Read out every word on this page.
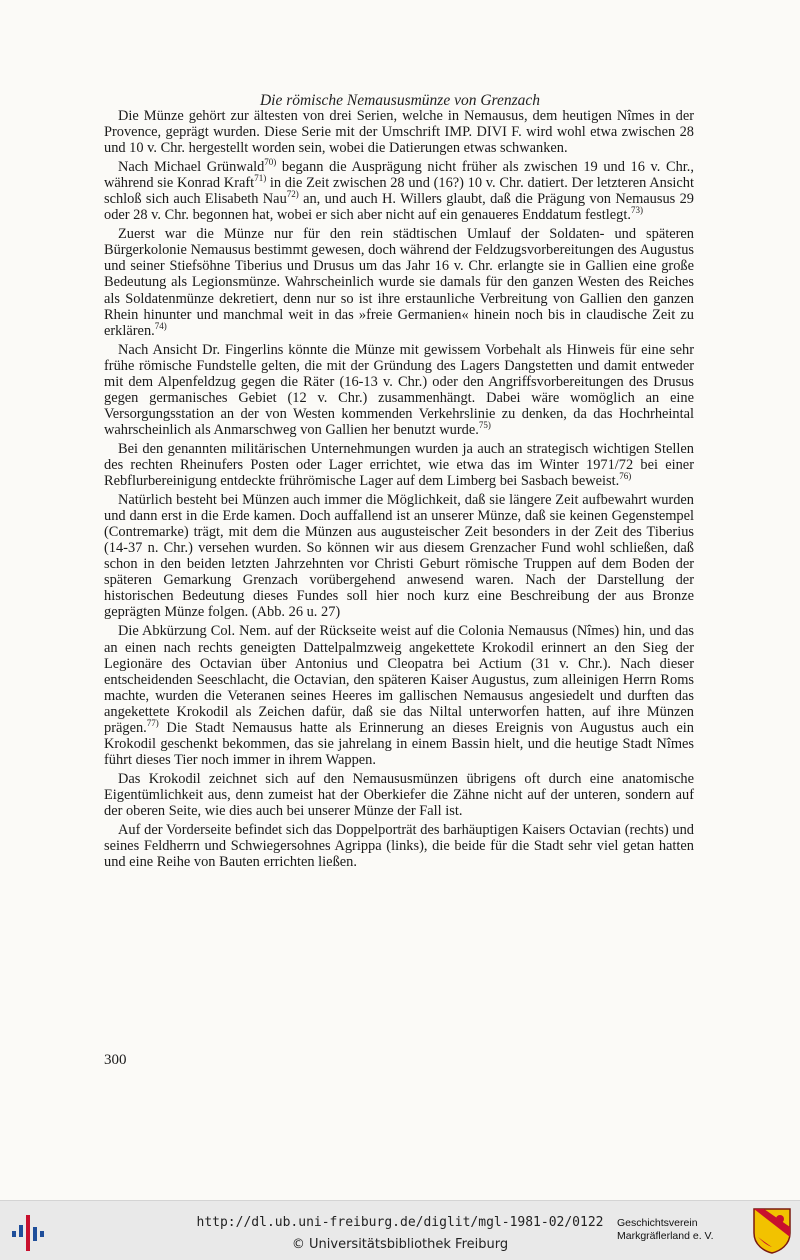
Die römische Nemaususmünze von Grenzach

Die Münze gehört zur ältesten von drei Serien, welche in Nemausus, dem heutigen Nîmes in der Provence, geprägt wurden. Diese Serie mit der Umschrift IMP. DIVI F. wird wohl etwa zwischen 28 und 10 v. Chr. hergestellt worden sein, wobei die Datierungen etwas schwanken.

Nach Michael Grünwald$^{70)}$ begann die Ausprägung nicht früher als zwischen 19 und 16 v. Chr., während sie Konrad Kraft$^{71)}$ in die Zeit zwischen 28 und (16?) 10 v. Chr. datiert. Der letzteren Ansicht schloß sich auch Elisabeth Nau$^{72)}$ an, und auch H. Willers glaubt, daß die Prägung von Nemausus 29 oder 28 v. Chr. begonnen hat, wobei er sich aber nicht auf ein genaueres Enddatum festlegt.$^{73)}$

Zuerst war die Münze nur für den rein städtischen Umlauf der Soldaten- und späteren Bürgerkolonie Nemausus bestimmt gewesen, doch während der Feldzugsvorbereitungen des Augustus und seiner Stiefsöhne Tiberius und Drusus um das Jahr 16 v. Chr. erlangte sie in Gallien eine große Bedeutung als Legionsmünze. Wahrscheinlich wurde sie damals für den ganzen Westen des Reiches als Soldatenmünze dekretiert, denn nur so ist ihre erstaunliche Verbreitung von Gallien den ganzen Rhein hinunter und manchmal weit in das »freie Germanien« hinein noch bis in claudische Zeit zu erklären.$^{74)}$

Nach Ansicht Dr. Fingerlins könnte die Münze mit gewissem Vorbehalt als Hinweis für eine sehr frühe römische Fundstelle gelten, die mit der Gründung des Lagers Dangstetten und damit entweder mit dem Alpenfeldzug gegen die Räter (16-13 v. Chr.) oder den Angriffsvorbereitungen des Drusus gegen germanisches Gebiet (12 v. Chr.) zusammenhängt. Dabei wäre womöglich an eine Versorgungsstation an der von Westen kommenden Verkehrslinie zu denken, da das Hochrheintal wahrscheinlich als Anmarschweg von Gallien her benutzt wurde.$^{75)}$

Bei den genannten militärischen Unternehmungen wurden ja auch an strategisch wichtigen Stellen des rechten Rheinufers Posten oder Lager errichtet, wie etwa das im Winter 1971/72 bei einer Rebflurbereinigung entdeckte frührömische Lager auf dem Limberg bei Sasbach beweist.$^{76)}$

Natürlich besteht bei Münzen auch immer die Möglichkeit, daß sie längere Zeit aufbewahrt wurden und dann erst in die Erde kamen. Doch auffallend ist an unserer Münze, daß sie keinen Gegenstempel (Contremarke) trägt, mit dem die Münzen aus augusteischer Zeit besonders in der Zeit des Tiberius (14-37 n. Chr.) versehen wurden. So können wir aus diesem Grenzacher Fund wohl schließen, daß schon in den beiden letzten Jahrzehnten vor Christi Geburt römische Truppen auf dem Boden der späteren Gemarkung Grenzach vorübergehend anwesend waren. Nach der Darstellung der historischen Bedeutung dieses Fundes soll hier noch kurz eine Beschreibung der aus Bronze geprägten Münze folgen. (Abb. 26 u. 27)

Die Abkürzung Col. Nem. auf der Rückseite weist auf die Colonia Nemausus (Nîmes) hin, und das an einen nach rechts geneigten Dattelpalmzweig angekettete Krokodil erinnert an den Sieg der Legionäre des Octavian über Antonius und Cleopatra bei Actium (31 v. Chr.). Nach dieser entscheidenden Seeschlacht, die Octavian, den späteren Kaiser Augustus, zum alleinigen Herrn Roms machte, wurden die Veteranen seines Heeres im gallischen Nemausus angesiedelt und durften das angekettete Krokodil als Zeichen dafür, daß sie das Niltal unterworfen hatten, auf ihre Münzen prägen.$^{77)}$ Die Stadt Nemausus hatte als Erinnerung an dieses Ereignis von Augustus auch ein Krokodil geschenkt bekommen, das sie jahrelang in einem Bassin hielt, und die heutige Stadt Nîmes führt dieses Tier noch immer in ihrem Wappen.

Das Krokodil zeichnet sich auf den Nemaususmünzen übrigens oft durch eine anatomische Eigentümlichkeit aus, denn zumeist hat der Oberkiefer die Zähne nicht auf der unteren, sondern auf der oberen Seite, wie dies auch bei unserer Münze der Fall ist.

Auf der Vorderseite befindet sich das Doppelporträt des barhäuptigen Kaisers Octavian (rechts) und seines Feldherrn und Schwiegersohnes Agrippa (links), die beide für die Stadt sehr viel getan hatten und eine Reihe von Bauten errichten ließen.

300
http://dl.ub.uni-freiburg.de/diglit/mgl-1981-02/0122
© Universitätsbibliothek Freiburg
Geschichtsverein
Markgräflerland e. V.
